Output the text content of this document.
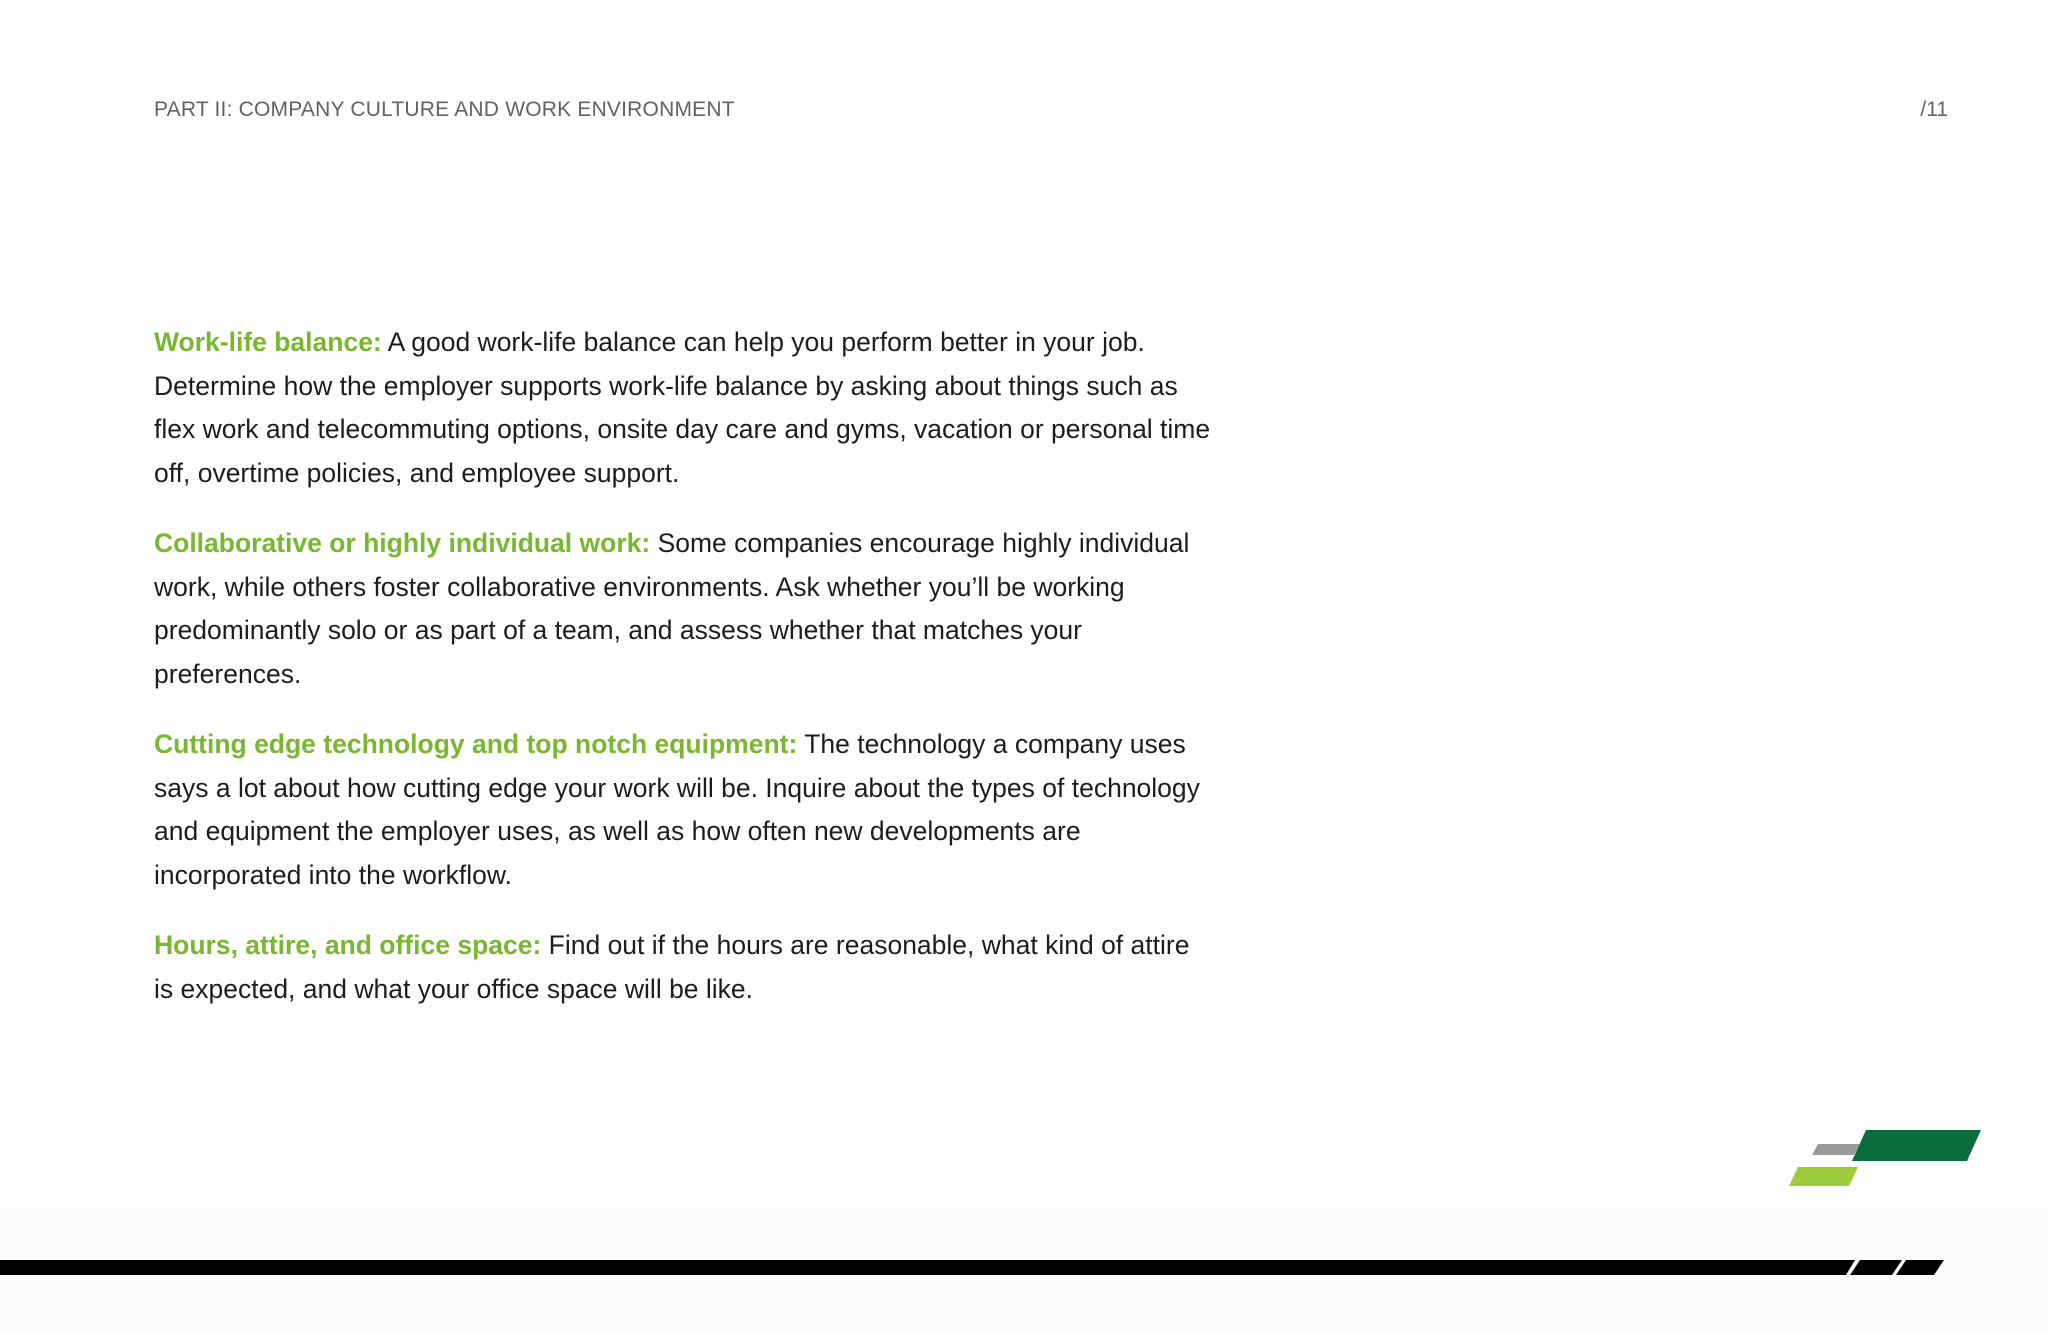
PART II: COMPANY CULTURE AND WORK ENVIRONMENT	/11

Work-life balance: A good work-life balance can help you perform better in your job. Determine how the employer supports work-life balance by asking about things such as flex work and telecommuting options, onsite day care and gyms, vacation or personal time off, overtime policies, and employee support.

Collaborative or highly individual work: Some companies encourage highly individual work, while others foster collaborative environments. Ask whether you’ll be working predominantly solo or as part of a team, and assess whether that matches your preferences.

Cutting edge technology and top notch equipment: The technology a company uses says a lot about how cutting edge your work will be. Inquire about the types of technology and equipment the employer uses, as well as how often new developments are incorporated into the workflow.

Hours, attire, and office space: Find out if the hours are reasonable, what kind of attire is expected, and what your office space will be like.
